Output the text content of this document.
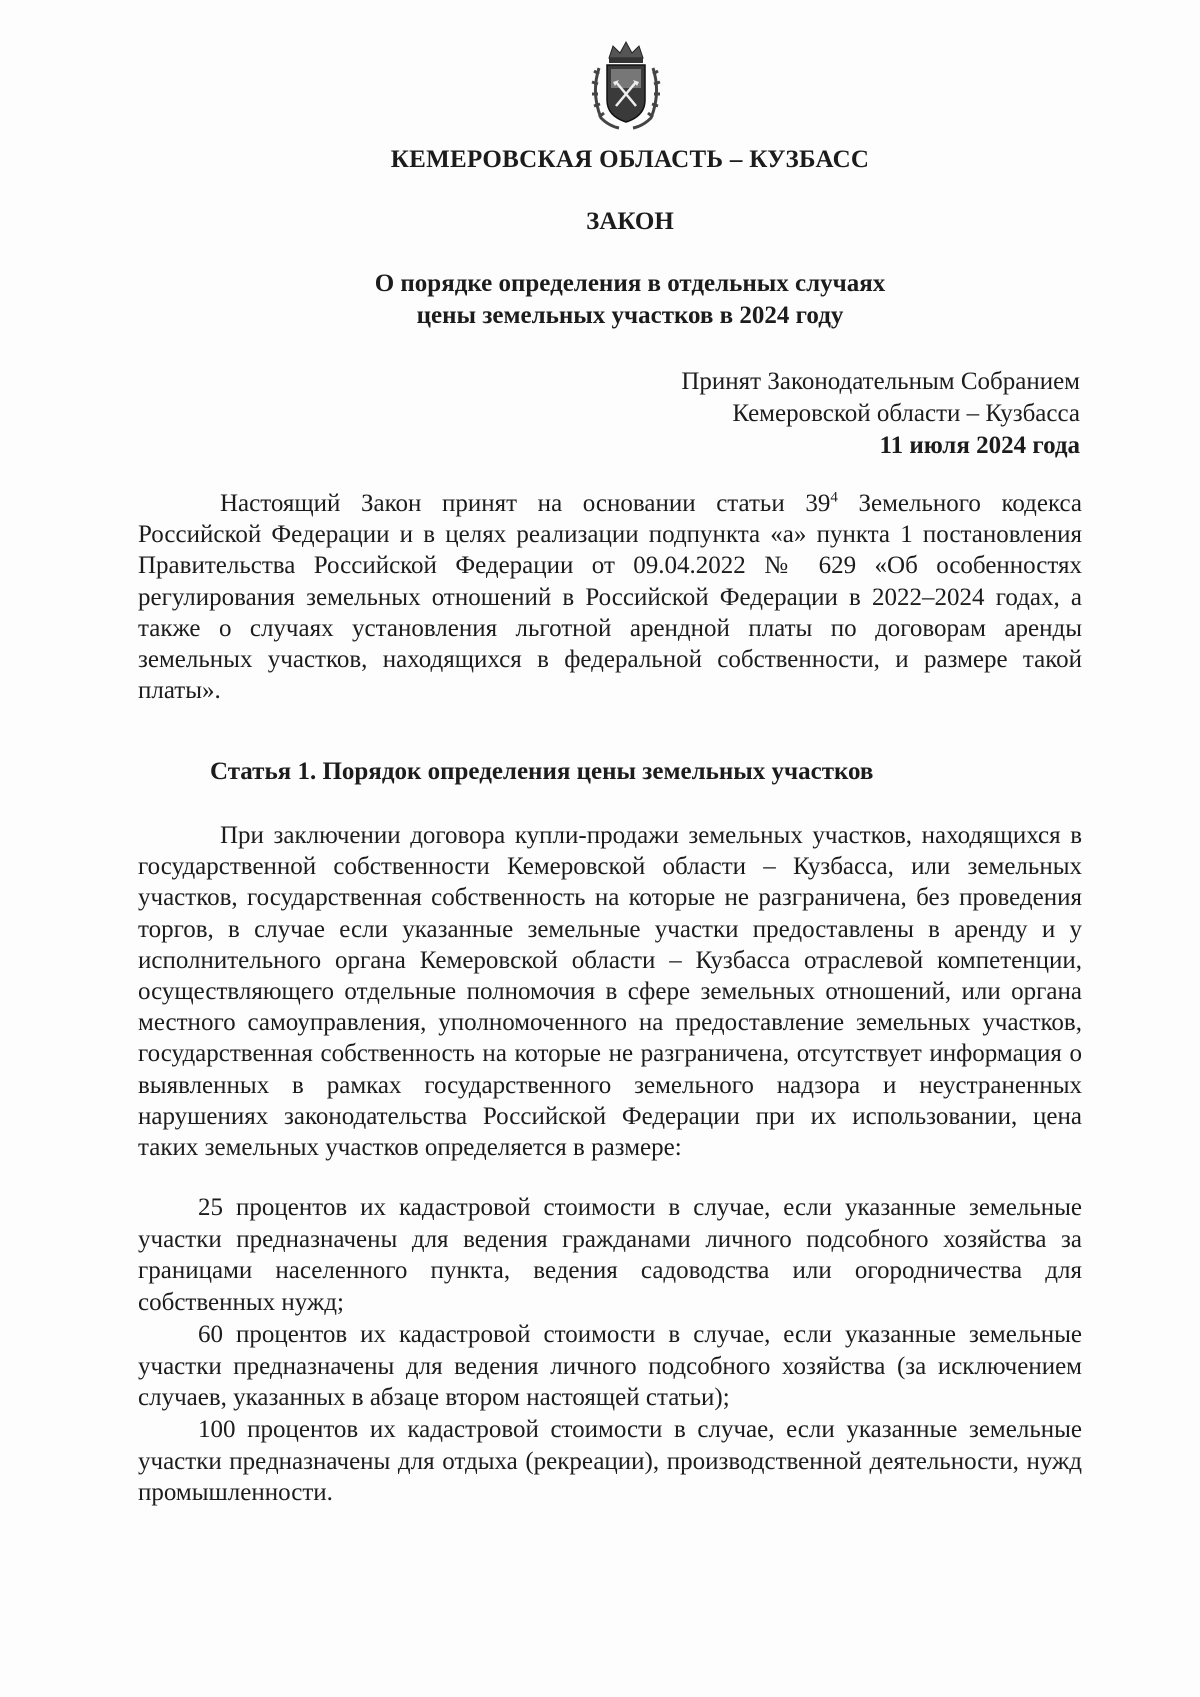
КЕМЕРОВСКАЯ ОБЛАСТЬ – КУЗБАСС
ЗАКОН
О порядке определения в отдельных случаях
цены земельных участков в 2024 году
Принят Законодательным Собранием
Кемеровской области – Кузбасса
11 июля 2024 года

Настоящий Закон принят на основании статьи $39^4$ Земельного кодекса Российской Федерации и в целях реализации подпункта «а» пункта 1 постановления Правительства Российской Федерации от 09.04.2022 № 629 «Об особенностях регулирования земельных отношений в Российской Федерации в 2022–2024 годах, а также о случаях установления льготной арендной платы по договорам аренды земельных участков, находящихся в федеральной собственности, и размере такой платы».

Статья 1. Порядок определения цены земельных участков

При заключении договора купли-продажи земельных участков, находящихся в государственной собственности Кемеровской области – Кузбасса, или земельных участков, государственная собственность на которые не разграничена, без проведения торгов, в случае если указанные земельные участки предоставлены в аренду и у исполнительного органа Кемеровской области – Кузбасса отраслевой компетенции, осуществляющего отдельные полномочия в сфере земельных отношений, или органа местного самоуправления, уполномоченного на предоставление земельных участков, государственная собственность на которые не разграничена, отсутствует информация о выявленных в рамках государственного земельного надзора и неустраненных нарушениях законодательства Российской Федерации при их использовании, цена таких земельных участков определяется в размере:

25 процентов их кадастровой стоимости в случае, если указанные земельные участки предназначены для ведения гражданами личного подсобного хозяйства за границами населенного пункта, ведения садоводства или огородничества для собственных нужд;

60 процентов их кадастровой стоимости в случае, если указанные земельные участки предназначены для ведения личного подсобного хозяйства (за исключением случаев, указанных в абзаце втором настоящей статьи);

100 процентов их кадастровой стоимости в случае, если указанные земельные участки предназначены для отдыха (рекреации), производственной деятельности, нужд промышленности.
